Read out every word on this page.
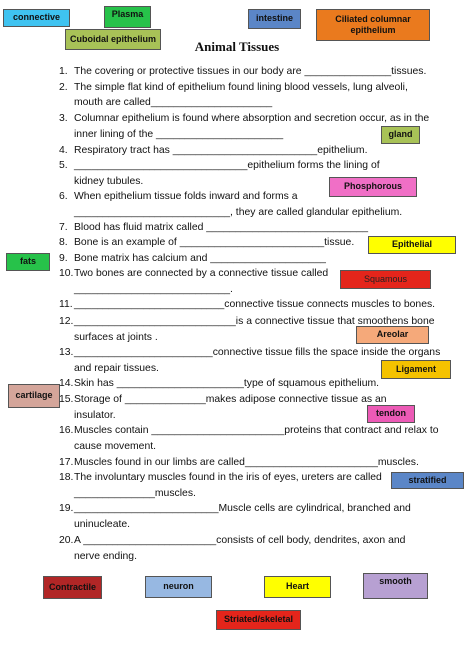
connective	Plasma	intestine	Ciliated columnar epithelium
Cuboidal epithelium
gland
Phosphorous
Epithelial
fats
Squamous
Areolar
Ligament
cartilage
tendon
stratified
Contractile	neuron	Heart
smooth
Striated/skeletal
Animal Tissues
1. The covering or protective tissues in our body are _______________tissues.
2. The simple flat kind of epithelium found lining blood vessels, lung alveoli,
mouth are called_____________________
3. Columnar epithelium is found where absorption and secretion occur, as in the
inner lining of the ______________________
4. Respiratory tract has _________________________epithelium.
5. ______________________________epithelium forms the lining of
kidney tubules.
6. When epithelium tissue folds inward and forms a
___________________________, they are called glandular epithelium.
7. Blood has fluid matrix called ____________________________
8. Bone is an example of _________________________tissue.
9. Bone matrix has calcium and ____________________
10. Two bones are connected by a connective tissue called
___________________________.
11. __________________________connective tissue connects muscles to bones.
12. ____________________________is a connective tissue that smoothens bone
surfaces at joints .
13. ________________________connective tissue fills the space inside the organs
and repair tissues.
14. Skin has ______________________type of squamous epithelium.
15. Storage of ______________makes adipose connective tissue as an
insulator.
16. Muscles contain _______________________proteins that contract and relax to
cause movement.
17. Muscles found in our limbs are called_______________________muscles.
18. The involuntary muscles found in the iris of eyes, ureters are called
______________muscles.
19. _________________________Muscle cells are cylindrical, branched and
uninucleate.
20. A _______________________consists of cell body, dendrites, axon and
nerve ending.
